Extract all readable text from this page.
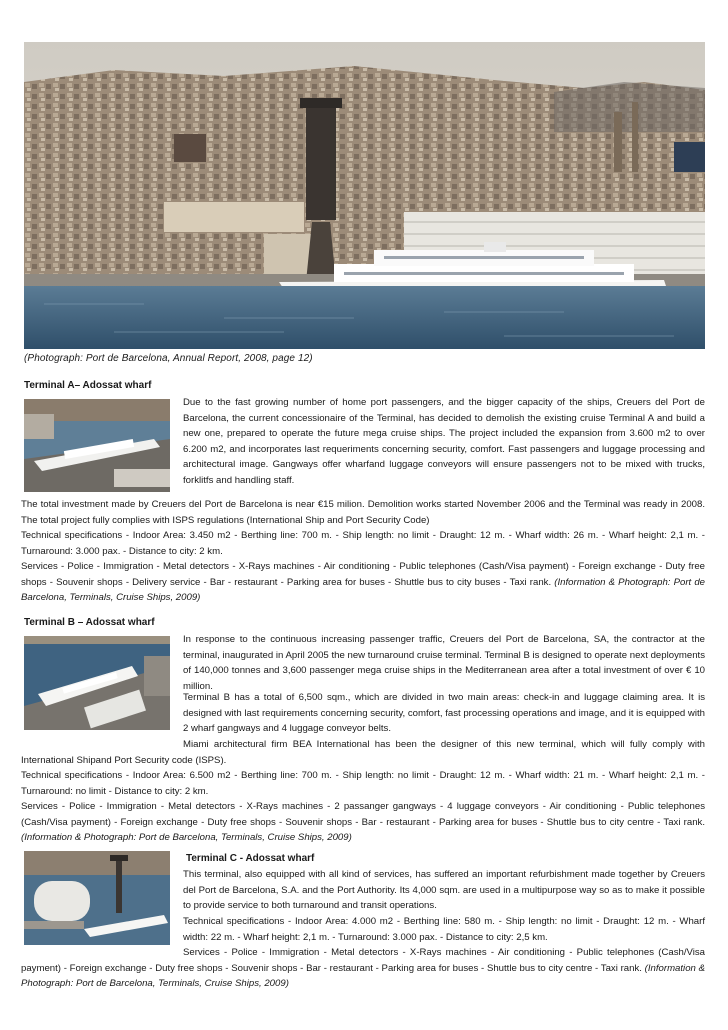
(Photograph: Port de Barcelona, Annual Report, 2008, page 12)
Terminal A– Adossat wharf

Due to the fast growing number of home port passengers, and the bigger capacity of the ships, Creuers del Port de Barcelona, the current concessionaire of the Terminal, has decided to demolish the existing cruise Terminal A and build a new one, prepared to operate the future mega cruise ships. The project included the expansion from 3.600 m2 to over 6.200 m2, and incorporates last requeriments concerning security, comfort. Fast passengers and luggage processing and architectural image. Gangways offer wharfand luggage conveyors will ensure passengers not to be mixed with trucks, forklitfs and handling staff.

The total investment made by Creuers del Port de Barcelona is near €15 milion. Demolition works started November 2006 and the Terminal was ready in 2008. The total project fully complies with ISPS regulations (International Ship and Port Security Code)

Technical specifications - Indoor Area: 3.450 m2 - Berthing line: 700 m. - Ship length: no limit - Draught: 12 m. - Wharf width: 26 m. - Wharf height: 2,1 m. - Turnaround: 3.000 pax. - Distance to city: 2 km.

Services - Police - Immigration - Metal detectors - X-Rays machines - Air conditioning - Public telephones (Cash/Visa payment) - Foreign exchange - Duty free shops - Souvenir shops - Delivery service - Bar - restaurant - Parking area for buses - Shuttle bus to city buses - Taxi rank. (Information & Photograph: Port de Barcelona, Terminals, Cruise Ships, 2009)

Terminal B – Adossat wharf

In response to the continuous increasing passenger traffic, Creuers del Port de Barcelona, SA, the contractor at the terminal, inaugurated in April 2005 the new turnaround cruise terminal. Terminal B is designed to operate next deployments of 140,000 tonnes and 3,600 passenger mega cruise ships in the Mediterranean area after a total investment of over € 10 million.

Terminal B has a total of 6,500 sqm., which are divided in two main areas: check-in and luggage claiming area. It is designed with last requirements concerning security, comfort, fast processing operations and image, and it is equipped with 2 wharf gangways and 4 luggage conveyor belts.

Miami architectural firm BEA International has been the designer of this new terminal, which will fully comply with International Shipand Port Security code (ISPS).

Technical specifications - Indoor Area: 6.500 m2 - Berthing line: 700 m. - Ship length: no limit - Draught: 12 m. - Wharf width: 21 m. - Wharf height: 2,1 m. - Turnaround: no limit - Distance to city: 2 km.

Services - Police - Immigration - Metal detectors - X-Rays machines - 2 passanger gangways - 4 luggage conveyors - Air conditioning - Public telephones (Cash/Visa payment) - Foreign exchange - Duty free shops - Souvenir shops - Bar - restaurant - Parking area for buses - Shuttle bus to city centre - Taxi rank. (Information & Photograph: Port de Barcelona, Terminals, Cruise Ships, 2009)

Terminal C - Adossat wharf

This terminal, also equipped with all kind of services, has suffered an important refurbishment made together by Creuers del Port de Barcelona, S.A. and the Port Authority. Its 4,000 sqm. are used in a multipurpose way so as to make it possible to provide service to both turnaround and transit operations.

Technical specifications - Indoor Area: 4.000 m2 - Berthing line: 580 m. - Ship length: no limit - Draught: 12 m. - Wharf width: 22 m. - Wharf height: 2,1 m. - Turnaround: 3.000 pax. - Distance to city: 2,5 km.

Services - Police - Immigration - Metal detectors - X-Rays machines - Air conditioning - Public telephones (Cash/Visa payment) - Foreign exchange - Duty free shops - Souvenir shops - Bar - restaurant - Parking area for buses - Shuttle bus to city centre - Taxi rank. (Information & Photograph: Port de Barcelona, Terminals, Cruise Ships, 2009)
